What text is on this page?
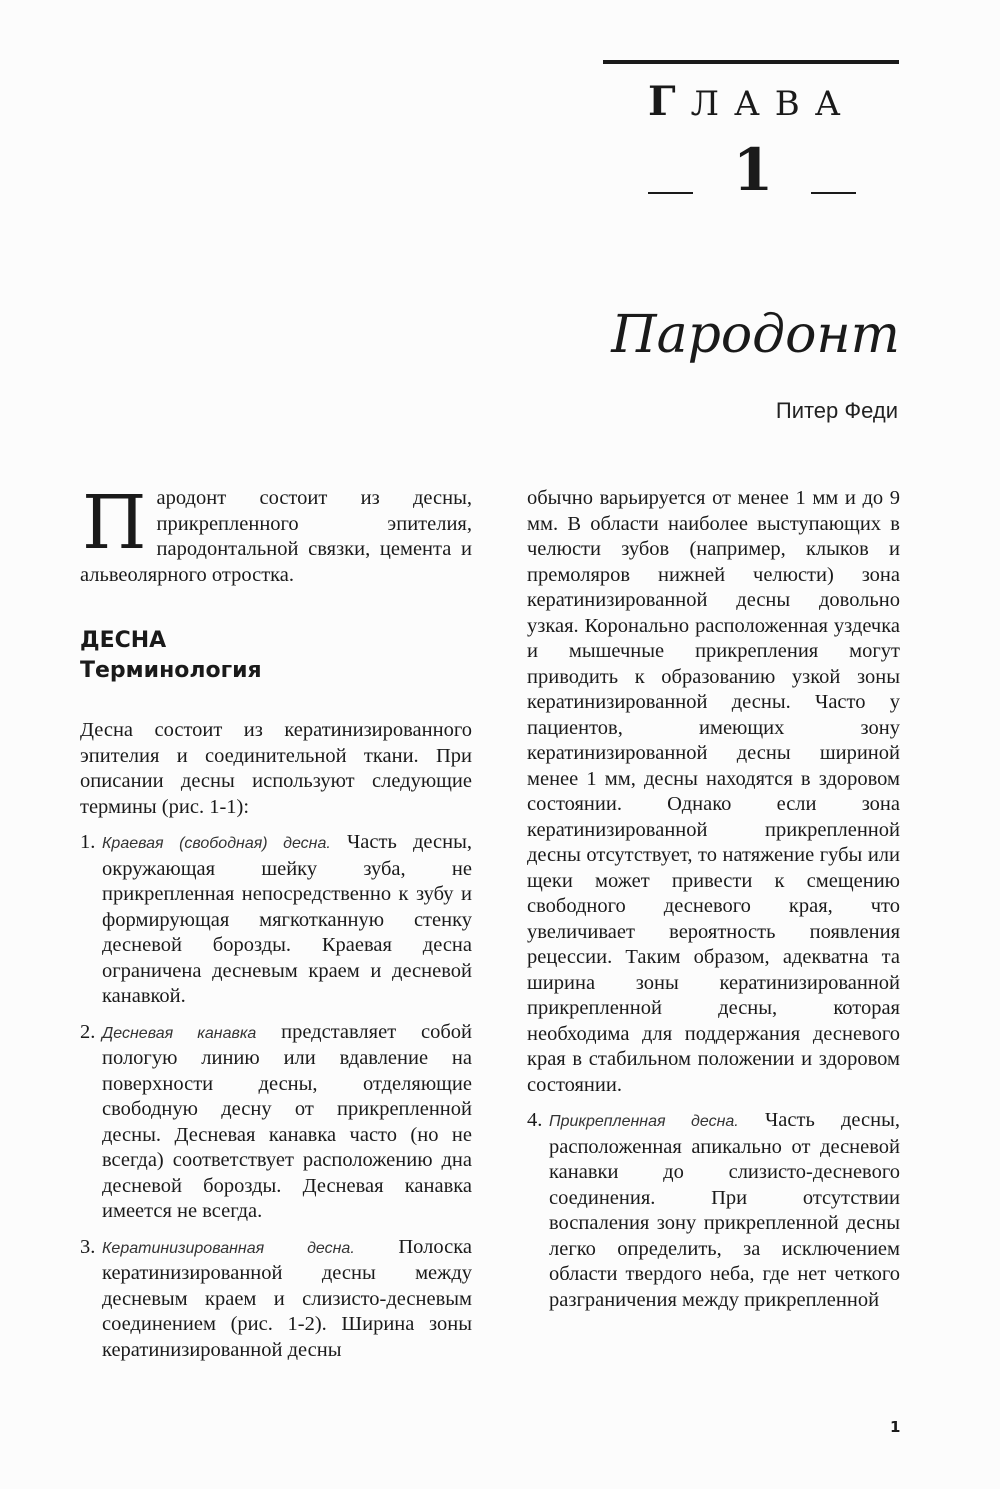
ГЛАВА
1
Пародонт
Питер Феди

Пародонт состоит из десны, прикрепленного эпителия, пародонтальной связки, цемента и альвеолярного отростка.

ДЕСНА
Терминология

Десна состоит из кератинизированного эпителия и соединительной ткани. При описании десны используют следующие термины (рис. 1-1):

1. Краевая (свободная) десна. Часть десны, окружающая шейку зуба, не прикрепленная непосредственно к зубу и формирующая мягкотканную стенку десневой борозды. Краевая десна ограничена десневым краем и десневой канавкой.
2. Десневая канавка представляет собой пологую линию или вдавление на поверхности десны, отделяющие свободную десну от прикрепленной десны. Десневая канавка часто (но не всегда) соответствует расположению дна десневой борозды. Десневая канавка имеется не всегда.
3. Кератинизированная десна. Полоска кератинизированной десны между десневым краем и слизисто-десневым соединением (рис. 1-2). Ширина зоны кератинизированной десны

обычно варьируется от менее 1 мм и до 9 мм. В области наиболее выступающих в челюсти зубов (например, клыков и премоляров нижней челюсти) зона кератинизированной десны довольно узкая. Коронально расположенная уздечка и мышечные прикрепления могут приводить к образованию узкой зоны кератинизированной десны. Часто у пациентов, имеющих зону кератинизированной десны шириной менее 1 мм, десны находятся в здоровом состоянии. Однако если зона кератинизированной прикрепленной десны отсутствует, то натяжение губы или щеки может привести к смещению свободного десневого края, что увеличивает вероятность появления рецессии. Таким образом, адекватна та ширина зоны кератинизированной прикрепленной десны, которая необходима для поддержания десневого края в стабильном положении и здоровом состоянии.

4. Прикрепленная десна. Часть десны, расположенная апикально от десневой канавки до слизисто-десневого соединения. При отсутствии воспаления зону прикрепленной десны легко определить, за исключением области твердого неба, где нет четкого разграничения между прикрепленной
1
